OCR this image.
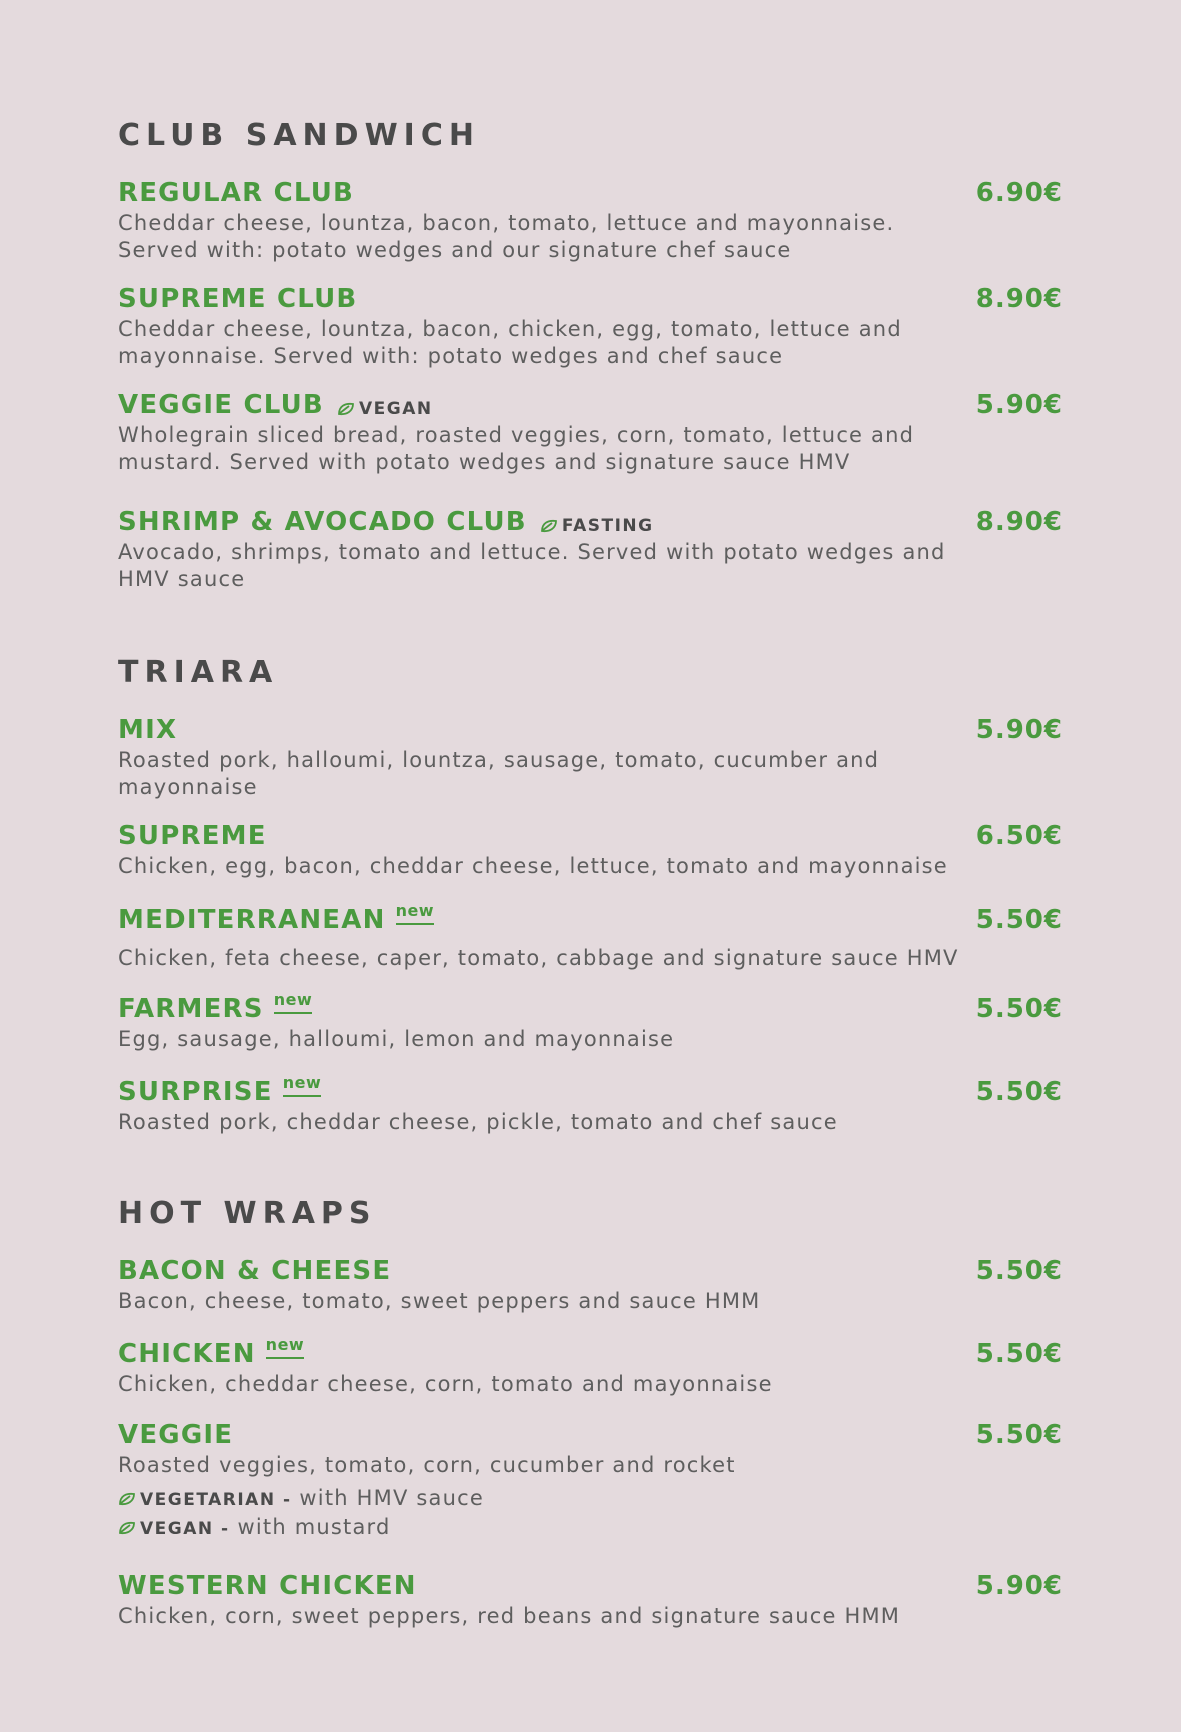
CLUB SANDWICH
REGULAR CLUB	6.90€

Cheddar cheese, lountza, bacon, tomato, lettuce and mayonnaise. Served with: potato wedges and our signature chef sauce

SUPREME CLUB	8.90€

Cheddar cheese, lountza, bacon, chicken, egg, tomato, lettuce and mayonnaise. Served with: potato wedges and chef sauce

VEGGIE CLUB VEGAN	5.90€

Wholegrain sliced bread, roasted veggies, corn, tomato, lettuce and mustard. Served with potato wedges and signature sauce HMV

SHRIMP & AVOCADO CLUB FASTING	8.90€

Avocado, shrimps, tomato and lettuce. Served with potato wedges and HMV sauce

TRIARA
MIX	5.90€

Roasted pork, halloumi, lountza, sausage, tomato, cucumber and mayonnaise

SUPREME	6.50€

Chicken, egg, bacon, cheddar cheese, lettuce, tomato and mayonnaise

MEDITERRANEAN new	5.50€

Chicken, feta cheese, caper, tomato, cabbage and signature sauce HMV

FARMERS new	5.50€

Egg, sausage, halloumi, lemon and mayonnaise

SURPRISE new	5.50€

Roasted pork, cheddar cheese, pickle, tomato and chef sauce

HOT WRAPS
BACON & CHEESE	5.50€

Bacon, cheese, tomato, sweet peppers and sauce HMM

CHICKEN new	5.50€

Chicken, cheddar cheese, corn, tomato and mayonnaise

VEGGIE	5.50€

Roasted veggies, tomato, corn, cucumber and rocket

VEGETARIAN - with HMV sauce
VEGAN - with mustard
WESTERN CHICKEN	5.90€

Chicken, corn, sweet peppers, red beans and signature sauce HMM
